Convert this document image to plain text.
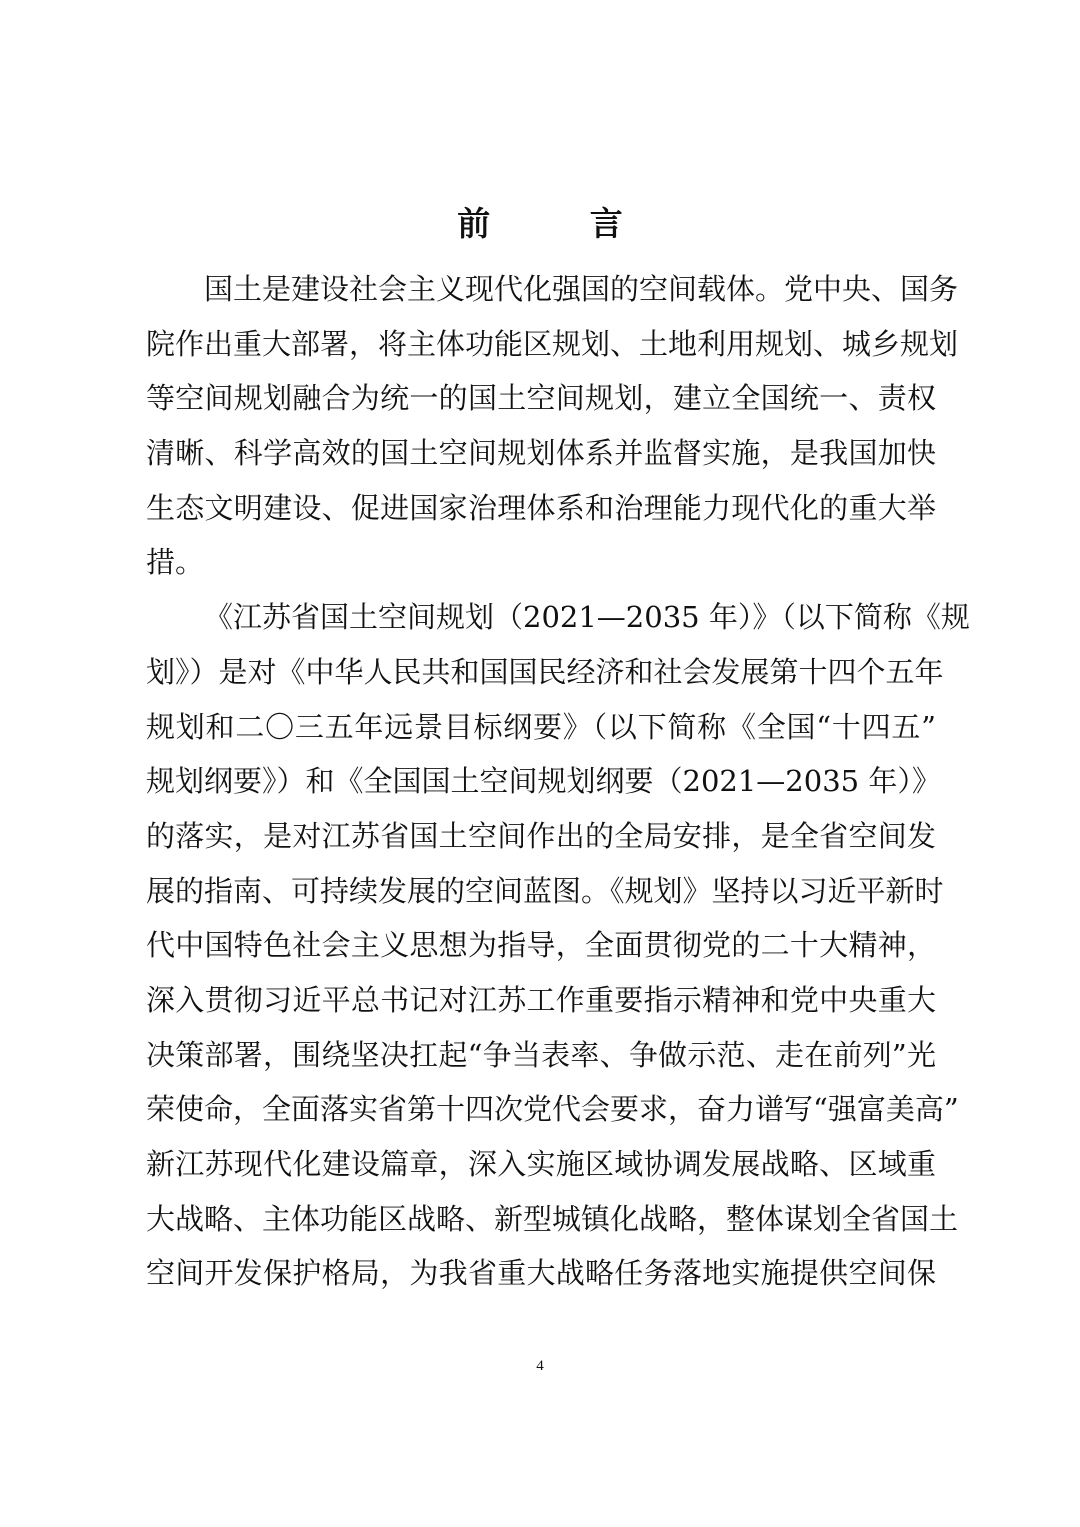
前 言
国土是建设社会主义现代化强国的空间载体。党中央、国务
院作出重大部署，将主体功能区规划、土地利用规划、城乡规划
等空间规划融合为统一的国土空间规划，建立全国统一、责权
清晰、科学高效的国土空间规划体系并监督实施，是我国加快
生态文明建设、促进国家治理体系和治理能力现代化的重大举
措。
《江苏省国土空间规划（2021—2035 年）》（以下简称《规
划》）是对《中华人民共和国国民经济和社会发展第十四个五年
规划和二〇三五年远景目标纲要》（以下简称《全国“十四五”
规划纲要》）和《全国国土空间规划纲要（2021—2035 年）》
的落实，是对江苏省国土空间作出的全局安排，是全省空间发
展的指南、可持续发展的空间蓝图。《规划》坚持以习近平新时
代中国特色社会主义思想为指导，全面贯彻党的二十大精神，
深入贯彻习近平总书记对江苏工作重要指示精神和党中央重大
决策部署，围绕坚决扛起“争当表率、争做示范、走在前列”光
荣使命，全面落实省第十四次党代会要求，奋力谱写“强富美高”
新江苏现代化建设篇章，深入实施区域协调发展战略、区域重
大战略、主体功能区战略、新型城镇化战略，整体谋划全省国土
空间开发保护格局，为我省重大战略任务落地实施提供空间保
4
